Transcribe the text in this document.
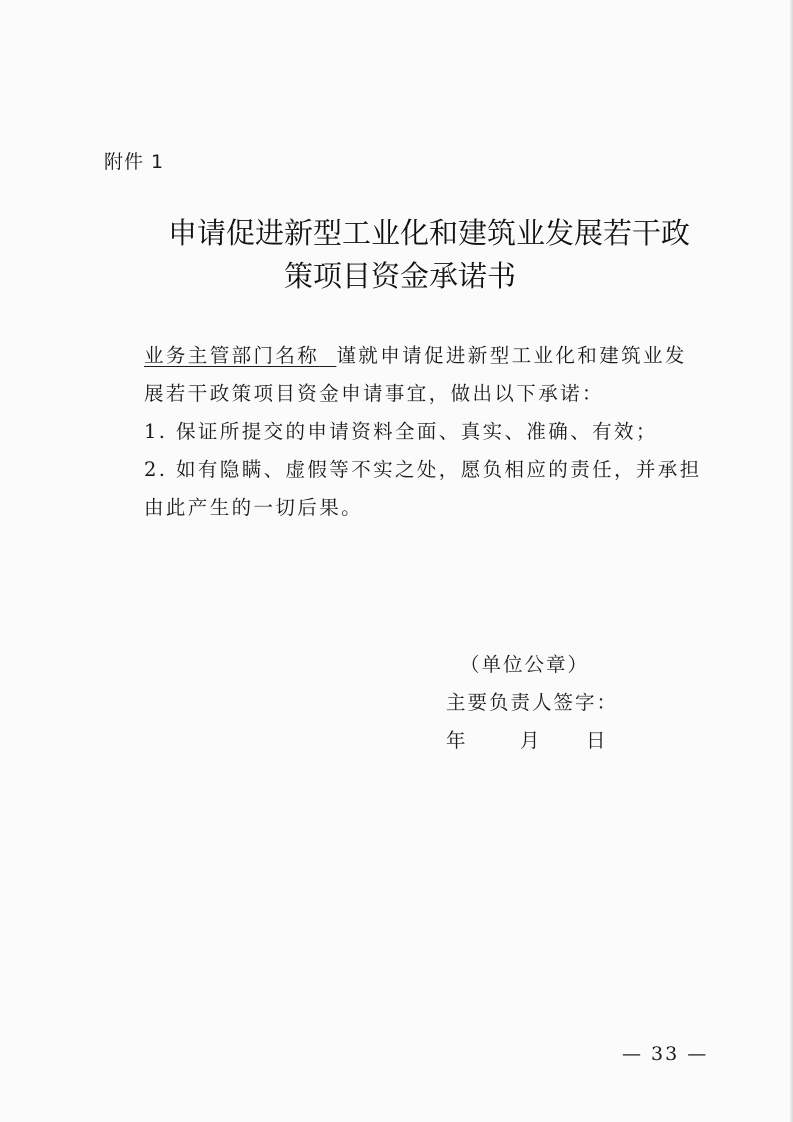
附件 1
申请促进新型工业化和建筑业发展若干政
策项目资金承诺书

业务主管部门名称 谨就申请促进新型工业化和建筑业发展若干政策项目资金申请事宜，做出以下承诺：

1. 保证所提交的申请资料全面、真实、准确、有效；

2. 如有隐瞒、虚假等不实之处，愿负相应的责任，并承担由此产生的一切后果。

（单位公章）
主要负责人签字：
年	月 日
— 33 —
